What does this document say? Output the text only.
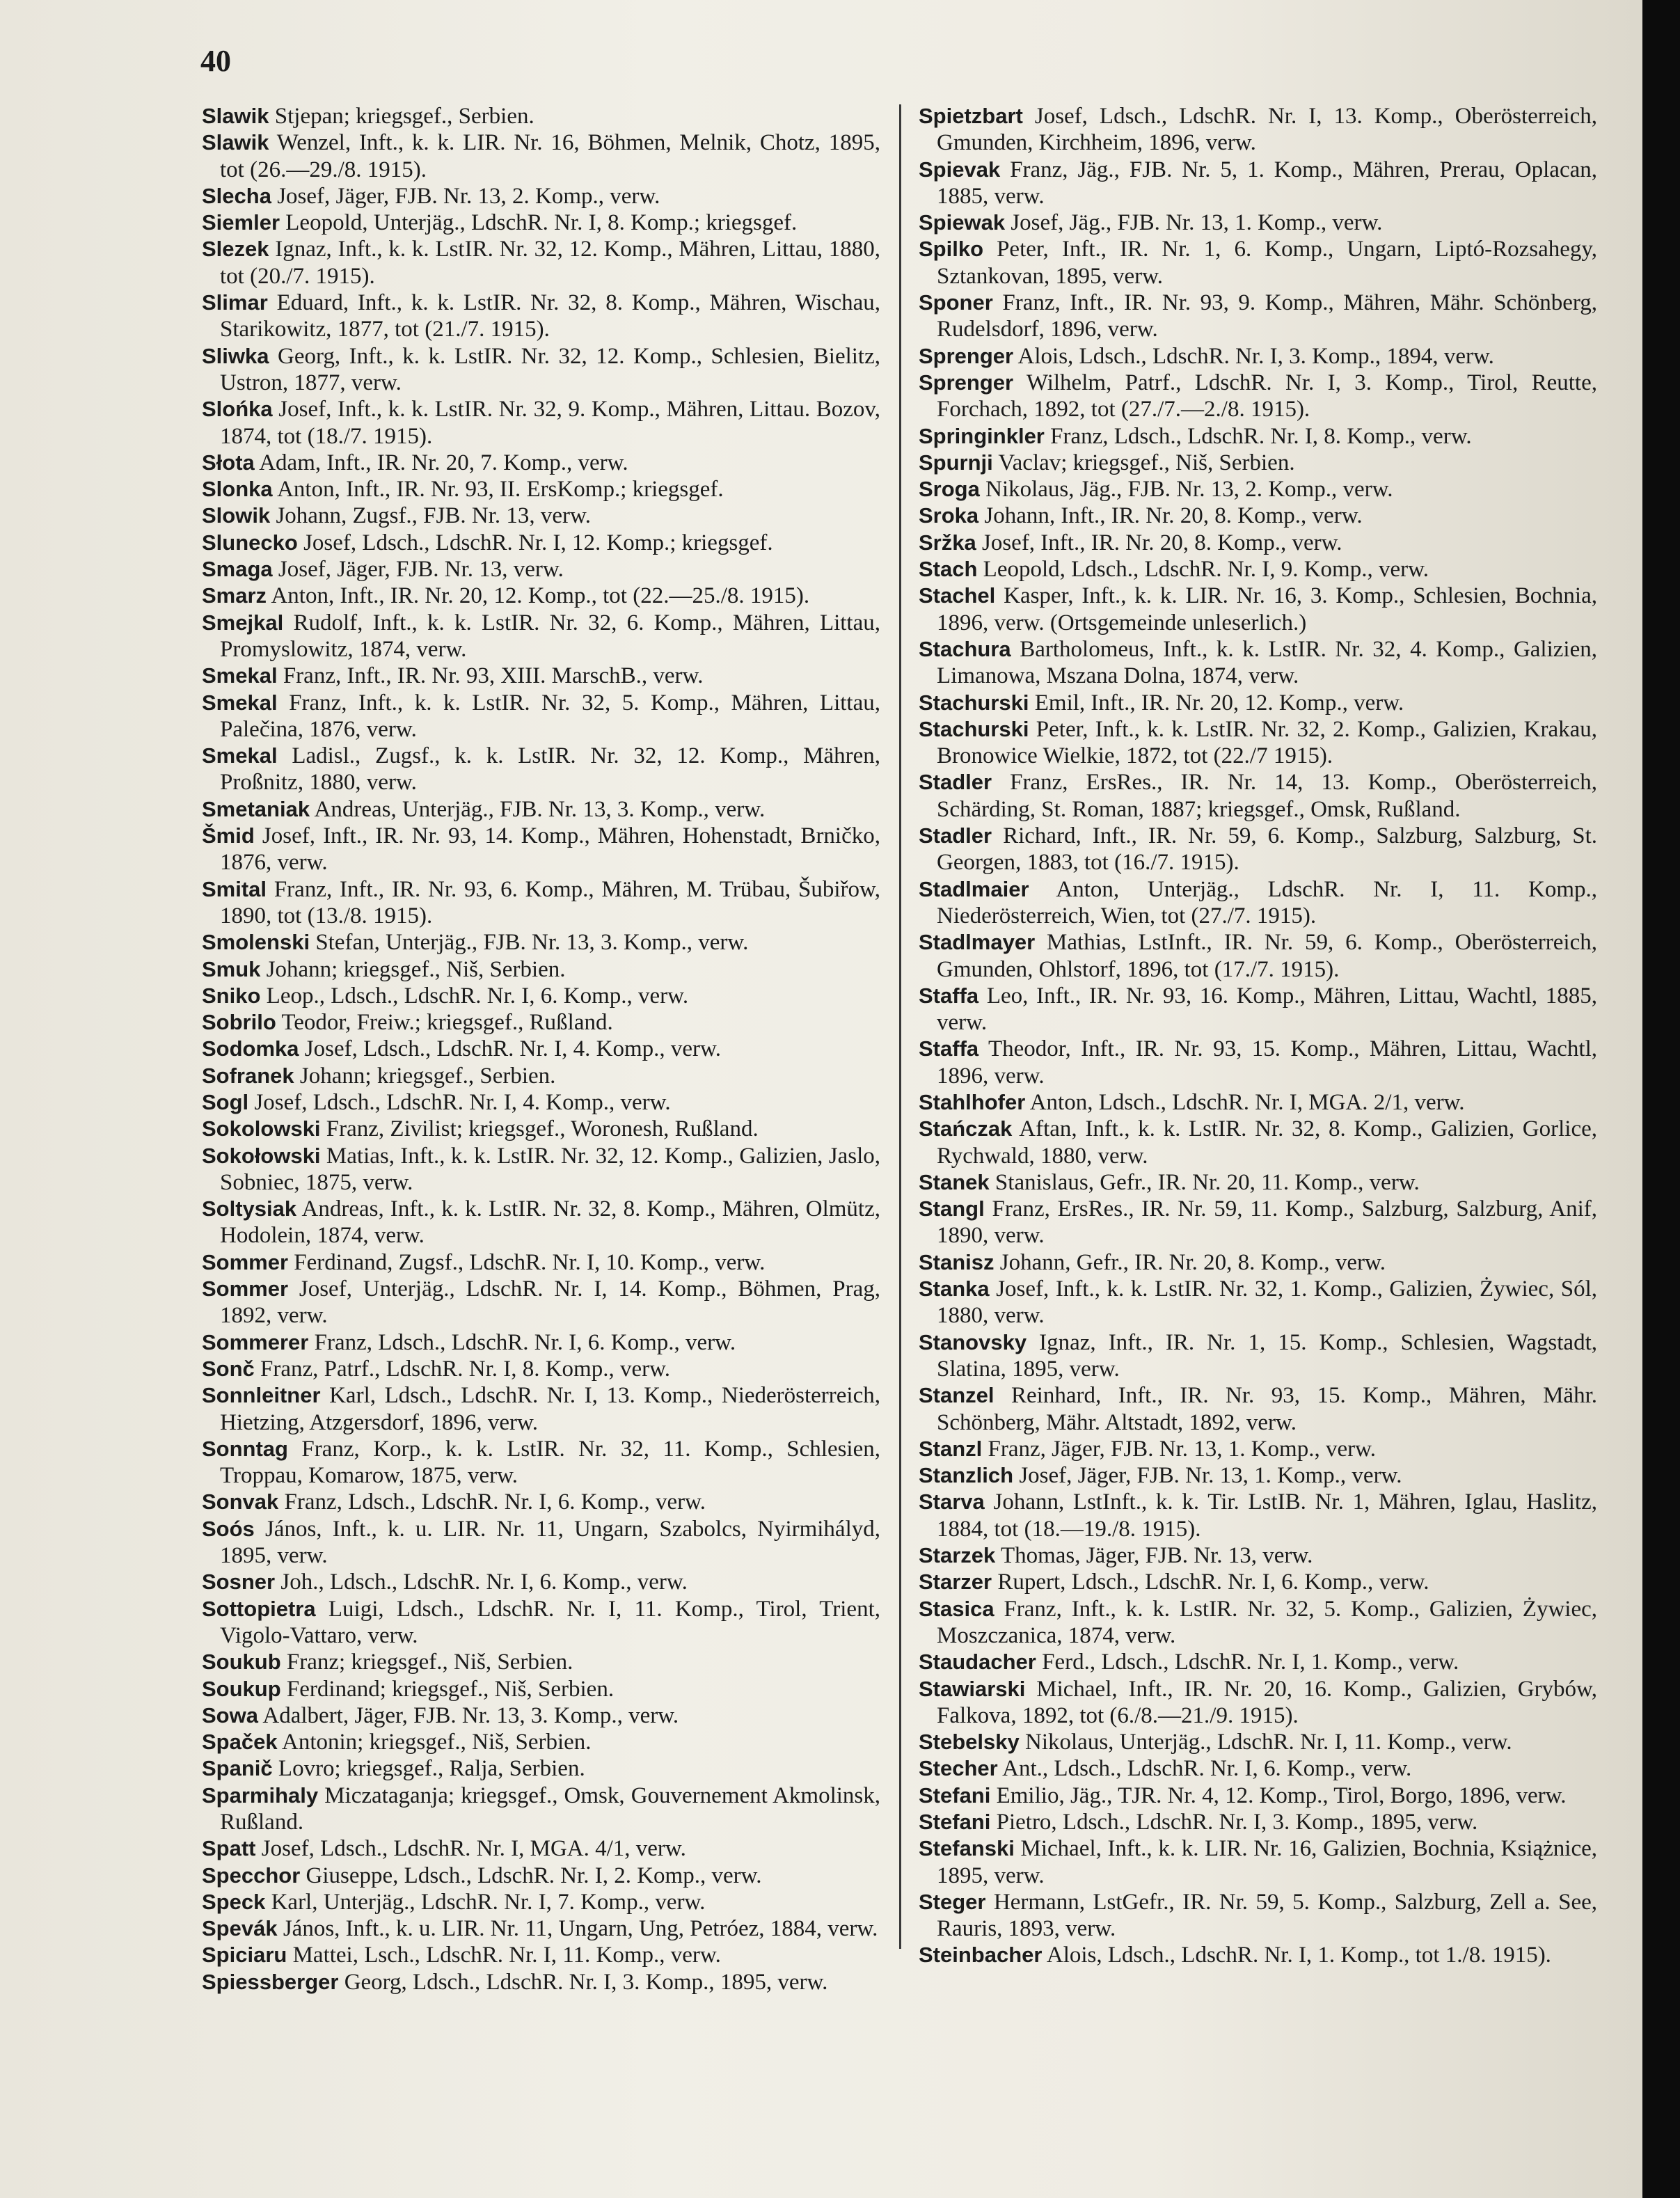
40
Slawik Stjepan; kriegsgef., Serbien.
Slawik Wenzel, Inft., k. k. LIR. Nr. 16, Böhmen, Melnik, Chotz, 1895, tot (26.—29./8. 1915).
Slecha Josef, Jäger, FJB. Nr. 13, 2. Komp., verw.
Siemler Leopold, Unterjäg., LdschR. Nr. I, 8. Komp.; kriegsgef.
Slezek Ignaz, Inft., k. k. LstIR. Nr. 32, 12. Komp., Mähren, Littau, 1880, tot (20./7. 1915).
Slimar Eduard, Inft., k. k. LstIR. Nr. 32, 8. Komp., Mähren, Wischau, Starikowitz, 1877, tot (21./7. 1915).
Sliwka Georg, Inft., k. k. LstIR. Nr. 32, 12. Komp., Schlesien, Bielitz, Ustron, 1877, verw.
Slońka Josef, Inft., k. k. LstIR. Nr. 32, 9. Komp., Mähren, Littau. Bozov, 1874, tot (18./7. 1915).
Słota Adam, Inft., IR. Nr. 20, 7. Komp., verw.
Slonka Anton, Inft., IR. Nr. 93, II. ErsKomp.; kriegsgef.
Slowik Johann, Zugsf., FJB. Nr. 13, verw.
Slunecko Josef, Ldsch., LdschR. Nr. I, 12. Komp.; kriegsgef.
Smaga Josef, Jäger, FJB. Nr. 13, verw.
Smarz Anton, Inft., IR. Nr. 20, 12. Komp., tot (22.—25./8. 1915).
Smejkal Rudolf, Inft., k. k. LstIR. Nr. 32, 6. Komp., Mähren, Littau, Promyslowitz, 1874, verw.
Smekal Franz, Inft., IR. Nr. 93, XIII. MarschB., verw.
Smekal Franz, Inft., k. k. LstIR. Nr. 32, 5. Komp., Mähren, Littau, Palečina, 1876, verw.
Smekal Ladisl., Zugsf., k. k. LstIR. Nr. 32, 12. Komp., Mähren, Proßnitz, 1880, verw.
Smetaniak Andreas, Unterjäg., FJB. Nr. 13, 3. Komp., verw.
Šmid Josef, Inft., IR. Nr. 93, 14. Komp., Mähren, Hohenstadt, Brničko, 1876, verw.
Smital Franz, Inft., IR. Nr. 93, 6. Komp., Mähren, M. Trübau, Šubiřow, 1890, tot (13./8. 1915).
Smolenski Stefan, Unterjäg., FJB. Nr. 13, 3. Komp., verw.
Smuk Johann; kriegsgef., Niš, Serbien.
Sniko Leop., Ldsch., LdschR. Nr. I, 6. Komp., verw.
Sobrilo Teodor, Freiw.; kriegsgef., Rußland.
Sodomka Josef, Ldsch., LdschR. Nr. I, 4. Komp., verw.
Sofranek Johann; kriegsgef., Serbien.
Sogl Josef, Ldsch., LdschR. Nr. I, 4. Komp., verw.
Sokolowski Franz, Zivilist; kriegsgef., Woronesh, Rußland.
Sokołowski Matias, Inft., k. k. LstIR. Nr. 32, 12. Komp., Galizien, Jaslo, Sobniec, 1875, verw.
Soltysiak Andreas, Inft., k. k. LstIR. Nr. 32, 8. Komp., Mähren, Olmütz, Hodolein, 1874, verw.
Sommer Ferdinand, Zugsf., LdschR. Nr. I, 10. Komp., verw.
Sommer Josef, Unterjäg., LdschR. Nr. I, 14. Komp., Böhmen, Prag, 1892, verw.
Sommerer Franz, Ldsch., LdschR. Nr. I, 6. Komp., verw.
Sonč Franz, Patrf., LdschR. Nr. I, 8. Komp., verw.
Sonnleitner Karl, Ldsch., LdschR. Nr. I, 13. Komp., Niederösterreich, Hietzing, Atzgersdorf, 1896, verw.
Sonntag Franz, Korp., k. k. LstIR. Nr. 32, 11. Komp., Schlesien, Troppau, Komarow, 1875, verw.
Sonvak Franz, Ldsch., LdschR. Nr. I, 6. Komp., verw.
Soós János, Inft., k. u. LIR. Nr. 11, Ungarn, Szabolcs, Nyirmihályd, 1895, verw.
Sosner Joh., Ldsch., LdschR. Nr. I, 6. Komp., verw.
Sottopietra Luigi, Ldsch., LdschR. Nr. I, 11. Komp., Tirol, Trient, Vigolo-Vattaro, verw.
Soukub Franz; kriegsgef., Niš, Serbien.
Soukup Ferdinand; kriegsgef., Niš, Serbien.
Sowa Adalbert, Jäger, FJB. Nr. 13, 3. Komp., verw.
Spaček Antonin; kriegsgef., Niš, Serbien.
Spanič Lovro; kriegsgef., Ralja, Serbien.
Sparmihaly Miczataganja; kriegsgef., Omsk, Gouvernement Akmolinsk, Rußland.
Spatt Josef, Ldsch., LdschR. Nr. I, MGA. 4/1, verw.
Specchor Giuseppe, Ldsch., LdschR. Nr. I, 2. Komp., verw.
Speck Karl, Unterjäg., LdschR. Nr. I, 7. Komp., verw.
Spevák János, Inft., k. u. LIR. Nr. 11, Ungarn, Ung, Petróez, 1884, verw.
Spiciaru Mattei, Lsch., LdschR. Nr. I, 11. Komp., verw.
Spiessberger Georg, Ldsch., LdschR. Nr. I, 3. Komp., 1895, verw.
Spietzbart Josef, Ldsch., LdschR. Nr. I, 13. Komp., Oberösterreich, Gmunden, Kirchheim, 1896, verw.
Spievak Franz, Jäg., FJB. Nr. 5, 1. Komp., Mähren, Prerau, Oplacan, 1885, verw.
Spiewak Josef, Jäg., FJB. Nr. 13, 1. Komp., verw.
Spilko Peter, Inft., IR. Nr. 1, 6. Komp., Ungarn, Liptó-Rozsahegy, Sztankovan, 1895, verw.
Sponer Franz, Inft., IR. Nr. 93, 9. Komp., Mähren, Mähr. Schönberg, Rudelsdorf, 1896, verw.
Sprenger Alois, Ldsch., LdschR. Nr. I, 3. Komp., 1894, verw.
Sprenger Wilhelm, Patrf., LdschR. Nr. I, 3. Komp., Tirol, Reutte, Forchach, 1892, tot (27./7.—2./8. 1915).
Springinkler Franz, Ldsch., LdschR. Nr. I, 8. Komp., verw.
Spurnji Vaclav; kriegsgef., Niš, Serbien.
Sroga Nikolaus, Jäg., FJB. Nr. 13, 2. Komp., verw.
Sroka Johann, Inft., IR. Nr. 20, 8. Komp., verw.
Sržka Josef, Inft., IR. Nr. 20, 8. Komp., verw.
Stach Leopold, Ldsch., LdschR. Nr. I, 9. Komp., verw.
Stachel Kasper, Inft., k. k. LIR. Nr. 16, 3. Komp., Schlesien, Bochnia, 1896, verw. (Ortsgemeinde unleserlich.)
Stachura Bartholomeus, Inft., k. k. LstIR. Nr. 32, 4. Komp., Galizien, Limanowa, Mszana Dolna, 1874, verw.
Stachurski Emil, Inft., IR. Nr. 20, 12. Komp., verw.
Stachurski Peter, Inft., k. k. LstIR. Nr. 32, 2. Komp., Galizien, Krakau, Bronowice Wielkie, 1872, tot (22./7 1915).
Stadler Franz, ErsRes., IR. Nr. 14, 13. Komp., Oberösterreich, Schärding, St. Roman, 1887; kriegsgef., Omsk, Rußland.
Stadler Richard, Inft., IR. Nr. 59, 6. Komp., Salzburg, Salzburg, St. Georgen, 1883, tot (16./7. 1915).
Stadlmaier Anton, Unterjäg., LdschR. Nr. I, 11. Komp., Niederösterreich, Wien, tot (27./7. 1915).
Stadlmayer Mathias, LstInft., IR. Nr. 59, 6. Komp., Oberösterreich, Gmunden, Ohlstorf, 1896, tot (17./7. 1915).
Staffa Leo, Inft., IR. Nr. 93, 16. Komp., Mähren, Littau, Wachtl, 1885, verw.
Staffa Theodor, Inft., IR. Nr. 93, 15. Komp., Mähren, Littau, Wachtl, 1896, verw.
Stahlhofer Anton, Ldsch., LdschR. Nr. I, MGA. 2/1, verw.
Stańczak Aftan, Inft., k. k. LstIR. Nr. 32, 8. Komp., Galizien, Gorlice, Rychwald, 1880, verw.
Stanek Stanislaus, Gefr., IR. Nr. 20, 11. Komp., verw.
Stangl Franz, ErsRes., IR. Nr. 59, 11. Komp., Salzburg, Salzburg, Anif, 1890, verw.
Stanisz Johann, Gefr., IR. Nr. 20, 8. Komp., verw.
Stanka Josef, Inft., k. k. LstIR. Nr. 32, 1. Komp., Galizien, Żywiec, Sól, 1880, verw.
Stanovsky Ignaz, Inft., IR. Nr. 1, 15. Komp., Schlesien, Wagstadt, Slatina, 1895, verw.
Stanzel Reinhard, Inft., IR. Nr. 93, 15. Komp., Mähren, Mähr. Schönberg, Mähr. Altstadt, 1892, verw.
Stanzl Franz, Jäger, FJB. Nr. 13, 1. Komp., verw.
Stanzlich Josef, Jäger, FJB. Nr. 13, 1. Komp., verw.
Starva Johann, LstInft., k. k. Tir. LstIB. Nr. 1, Mähren, Iglau, Haslitz, 1884, tot (18.—19./8. 1915).
Starzek Thomas, Jäger, FJB. Nr. 13, verw.
Starzer Rupert, Ldsch., LdschR. Nr. I, 6. Komp., verw.
Stasica Franz, Inft., k. k. LstIR. Nr. 32, 5. Komp., Galizien, Żywiec, Moszczanica, 1874, verw.
Staudacher Ferd., Ldsch., LdschR. Nr. I, 1. Komp., verw.
Stawiarski Michael, Inft., IR. Nr. 20, 16. Komp., Galizien, Grybów, Falkova, 1892, tot (6./8.—21./9. 1915).
Stebelsky Nikolaus, Unterjäg., LdschR. Nr. I, 11. Komp., verw.
Stecher Ant., Ldsch., LdschR. Nr. I, 6. Komp., verw.
Stefani Emilio, Jäg., TJR. Nr. 4, 12. Komp., Tirol, Borgo, 1896, verw.
Stefani Pietro, Ldsch., LdschR. Nr. I, 3. Komp., 1895, verw.
Stefanski Michael, Inft., k. k. LIR. Nr. 16, Galizien, Bochnia, Książnice, 1895, verw.
Steger Hermann, LstGefr., IR. Nr. 59, 5. Komp., Salzburg, Zell a. See, Rauris, 1893, verw.
Steinbacher Alois, Ldsch., LdschR. Nr. I, 1. Komp., tot 1./8. 1915).
